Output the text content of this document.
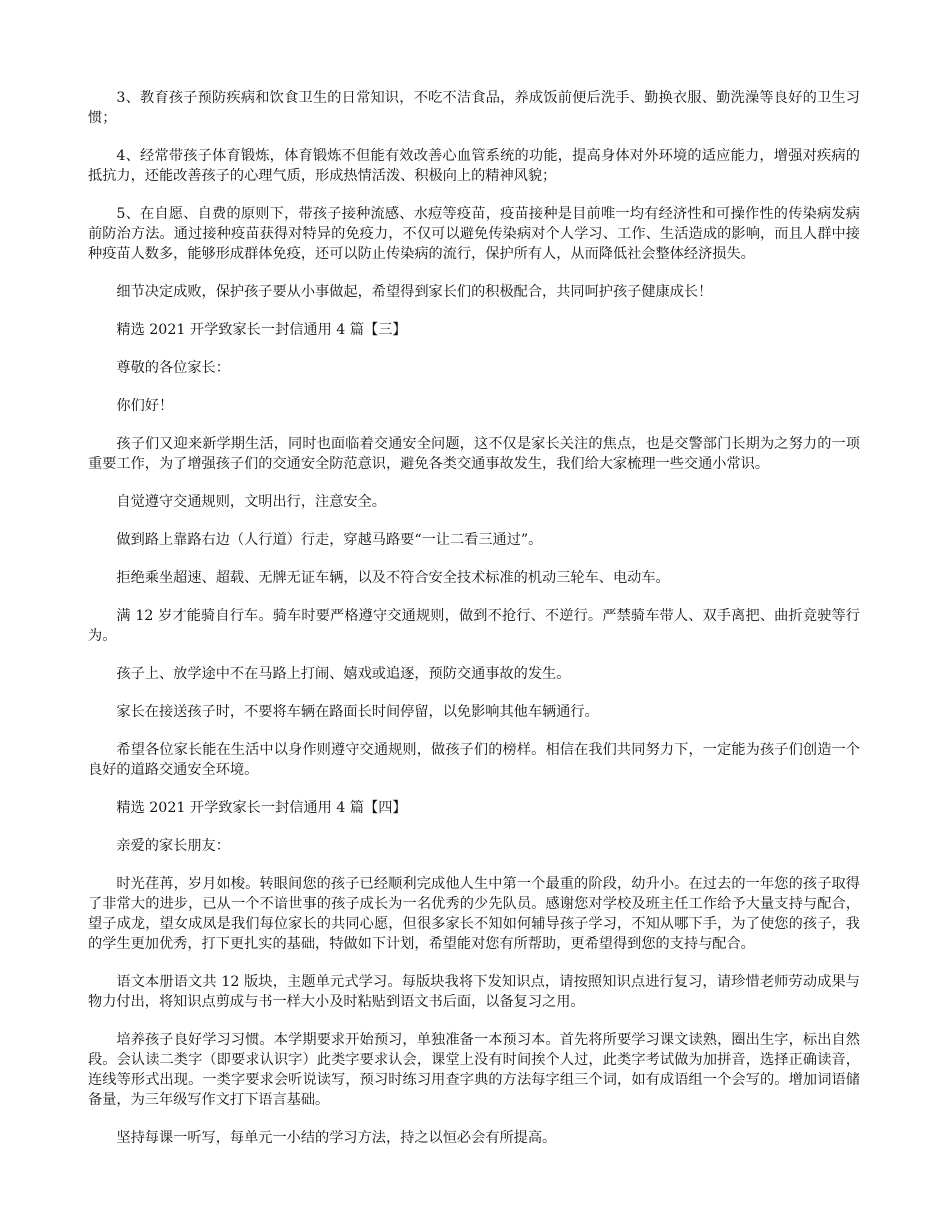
3、教育孩子预防疾病和饮食卫生的日常知识，不吃不洁食品，养成饭前便后洗手、勤换衣服、勤洗澡等良好的卫生习惯；

4、经常带孩子体育锻炼，体育锻炼不但能有效改善心血管系统的功能，提高身体对外环境的适应能力，增强对疾病的抵抗力，还能改善孩子的心理气质，形成热情活泼、积极向上的精神风貌；

5、在自愿、自费的原则下，带孩子接种流感、水痘等疫苗，疫苗接种是目前唯一均有经济性和可操作性的传染病发病前防治方法。通过接种疫苗获得对特异的免疫力，不仅可以避免传染病对个人学习、工作、生活造成的影响，而且人群中接种疫苗人数多，能够形成群体免疫，还可以防止传染病的流行，保护所有人，从而降低社会整体经济损失。

细节决定成败，保护孩子要从小事做起，希望得到家长们的积极配合，共同呵护孩子健康成长！

精选 2021 开学致家长一封信通用 4 篇【三】

尊敬的各位家长：

你们好！

孩子们又迎来新学期生活，同时也面临着交通安全问题，这不仅是家长关注的焦点，也是交警部门长期为之努力的一项重要工作，为了增强孩子们的交通安全防范意识，避免各类交通事故发生，我们给大家梳理一些交通小常识。

自觉遵守交通规则，文明出行，注意安全。

做到路上靠路右边（人行道）行走，穿越马路要“一让二看三通过”。

拒绝乘坐超速、超载、无牌无证车辆，以及不符合安全技术标准的机动三轮车、电动车。

满 12 岁才能骑自行车。骑车时要严格遵守交通规则，做到不抢行、不逆行。严禁骑车带人、双手离把、曲折竞驶等行为。

孩子上、放学途中不在马路上打闹、嬉戏或追逐，预防交通事故的发生。

家长在接送孩子时，不要将车辆在路面长时间停留，以免影响其他车辆通行。

希望各位家长能在生活中以身作则遵守交通规则，做孩子们的榜样。相信在我们共同努力下，一定能为孩子们创造一个良好的道路交通安全环境。

精选 2021 开学致家长一封信通用 4 篇【四】

亲爱的家长朋友：

时光荏苒，岁月如梭。转眼间您的孩子已经顺利完成他人生中第一个最重的阶段，幼升小。在过去的一年您的孩子取得了非常大的进步，已从一个不谙世事的孩子成长为一名优秀的少先队员。感谢您对学校及班主任工作给予大量支持与配合，望子成龙，望女成凤是我们每位家长的共同心愿，但很多家长不知如何辅导孩子学习，不知从哪下手，为了使您的孩子，我的学生更加优秀，打下更扎实的基础，特做如下计划，希望能对您有所帮助，更希望得到您的支持与配合。

语文本册语文共 12 版块，主题单元式学习。每版块我将下发知识点，请按照知识点进行复习，请珍惜老师劳动成果与物力付出，将知识点剪成与书一样大小及时粘贴到语文书后面，以备复习之用。

培养孩子良好学习习惯。本学期要求开始预习，单独准备一本预习本。首先将所要学习课文读熟，圈出生字，标出自然段。会认读二类字（即要求认识字）此类字要求认会，课堂上没有时间挨个人过，此类字考试做为加拼音，选择正确读音，连线等形式出现。一类字要求会听说读写，预习时练习用查字典的方法每字组三个词，如有成语组一个会写的。增加词语储备量，为三年级写作文打下语言基础。

坚持每课一听写，每单元一小结的学习方法，持之以恒必会有所提高。
